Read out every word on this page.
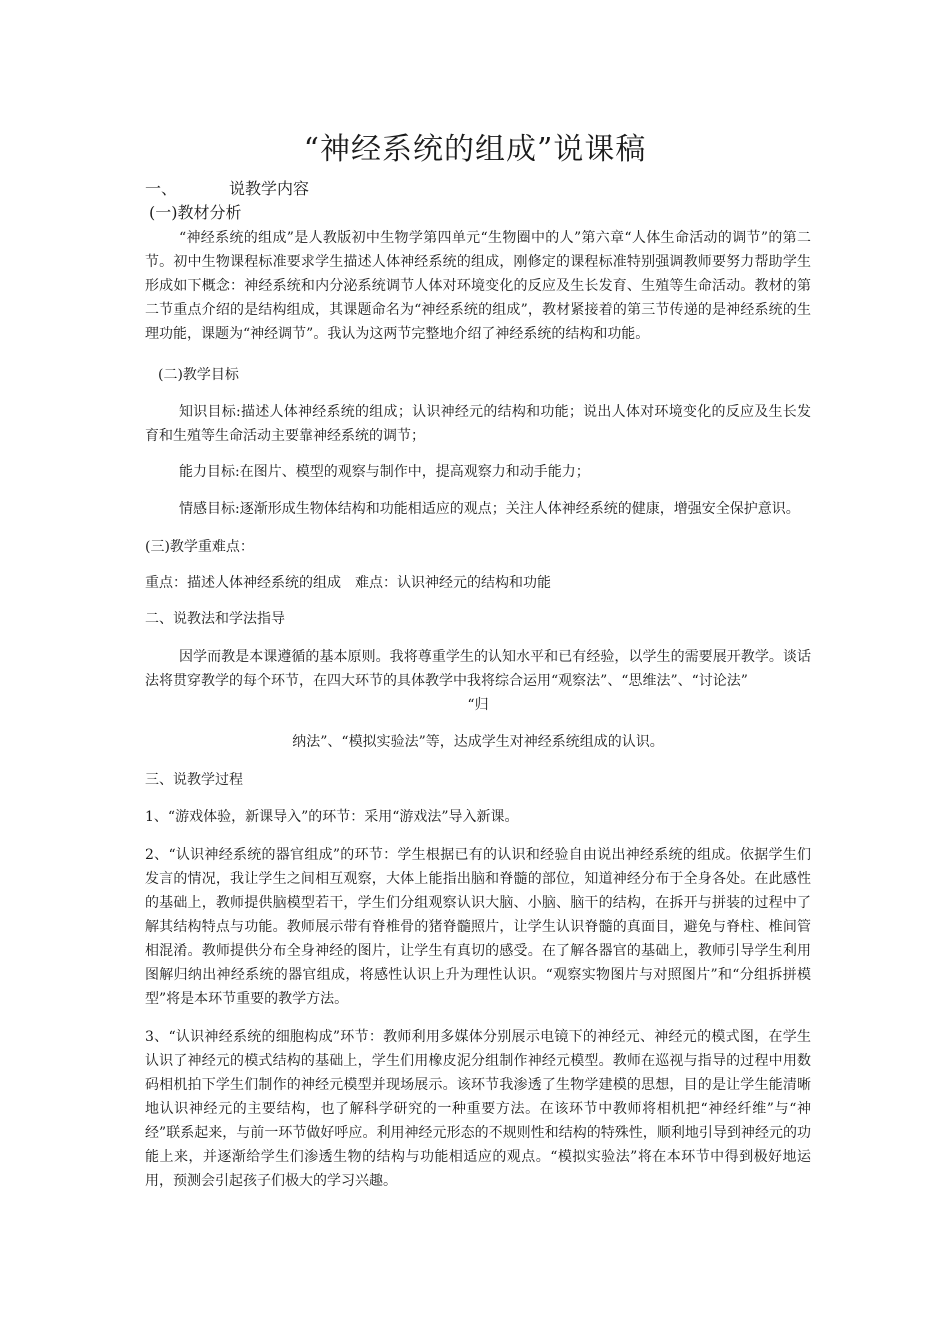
“神经系统的组成”说课稿
一、	说教学内容
(一)教材分析

“神经系统的组成”是人教版初中生物学第四单元“生物圈中的人”第六章“人体生命活动的调节”的第二节。初中生物课程标准要求学生描述人体神经系统的组成，刚修定的课程标准特别强调教师要努力帮助学生形成如下概念：神经系统和内分泌系统调节人体对环境变化的反应及生长发育、生殖等生命活动。教材的第二节重点介绍的是结构组成，其课题命名为“神经系统的组成”，教材紧接着的第三节传递的是神经系统的生理功能，课题为“神经调节”。我认为这两节完整地介绍了神经系统的结构和功能。

(二)教学目标

知识目标:描述人体神经系统的组成；认识神经元的结构和功能；说出人体对环境变化的反应及生长发育和生殖等生命活动主要靠神经系统的调节；

能力目标:在图片、模型的观察与制作中，提高观察力和动手能力；

情感目标:逐渐形成生物体结构和功能相适应的观点；关注人体神经系统的健康，增强安全保护意识。

(三)教学重难点：
重点：描述人体神经系统的组成　难点：认识神经元的结构和功能
二、说教法和学法指导

因学而教是本课遵循的基本原则。我将尊重学生的认知水平和已有经验，以学生的需要展开教学。谈话法将贯穿教学的每个环节，在四大环节的具体教学中我将综合运用“观察法”、“思维法”、“讨论法”

“归
纳法”、“模拟实验法”等，达成学生对神经系统组成的认识。
三、说教学过程

1、“游戏体验，新课导入”的环节：采用“游戏法”导入新课。

2、“认识神经系统的器官组成”的环节：学生根据已有的认识和经验自由说出神经系统的组成。依据学生们发言的情况，我让学生之间相互观察，大体上能指出脑和脊髓的部位，知道神经分布于全身各处。在此感性的基础上，教师提供脑模型若干，学生们分组观察认识大脑、小脑、脑干的结构，在拆开与拼装的过程中了解其结构特点与功能。教师展示带有脊椎骨的猪脊髓照片，让学生认识脊髓的真面目，避免与脊柱、椎间管相混淆。教师提供分布全身神经的图片，让学生有真切的感受。在了解各器官的基础上，教师引导学生利用图解归纳出神经系统的器官组成，将感性认识上升为理性认识。“观察实物图片与对照图片”和“分组拆拼模型”将是本环节重要的教学方法。

3、“认识神经系统的细胞构成”环节：教师利用多媒体分别展示电镜下的神经元、神经元的模式图，在学生认识了神经元的模式结构的基础上，学生们用橡皮泥分组制作神经元模型。教师在巡视与指导的过程中用数码相机拍下学生们制作的神经元模型并现场展示。该环节我渗透了生物学建模的思想，目的是让学生能清晰地认识神经元的主要结构，也了解科学研究的一种重要方法。在该环节中教师将相机把“神经纤维”与“神经”联系起来，与前一环节做好呼应。利用神经元形态的不规则性和结构的特殊性，顺利地引导到神经元的功能上来，并逐渐给学生们渗透生物的结构与功能相适应的观点。“模拟实验法”将在本环节中得到极好地运用，预测会引起孩子们极大的学习兴趣。
